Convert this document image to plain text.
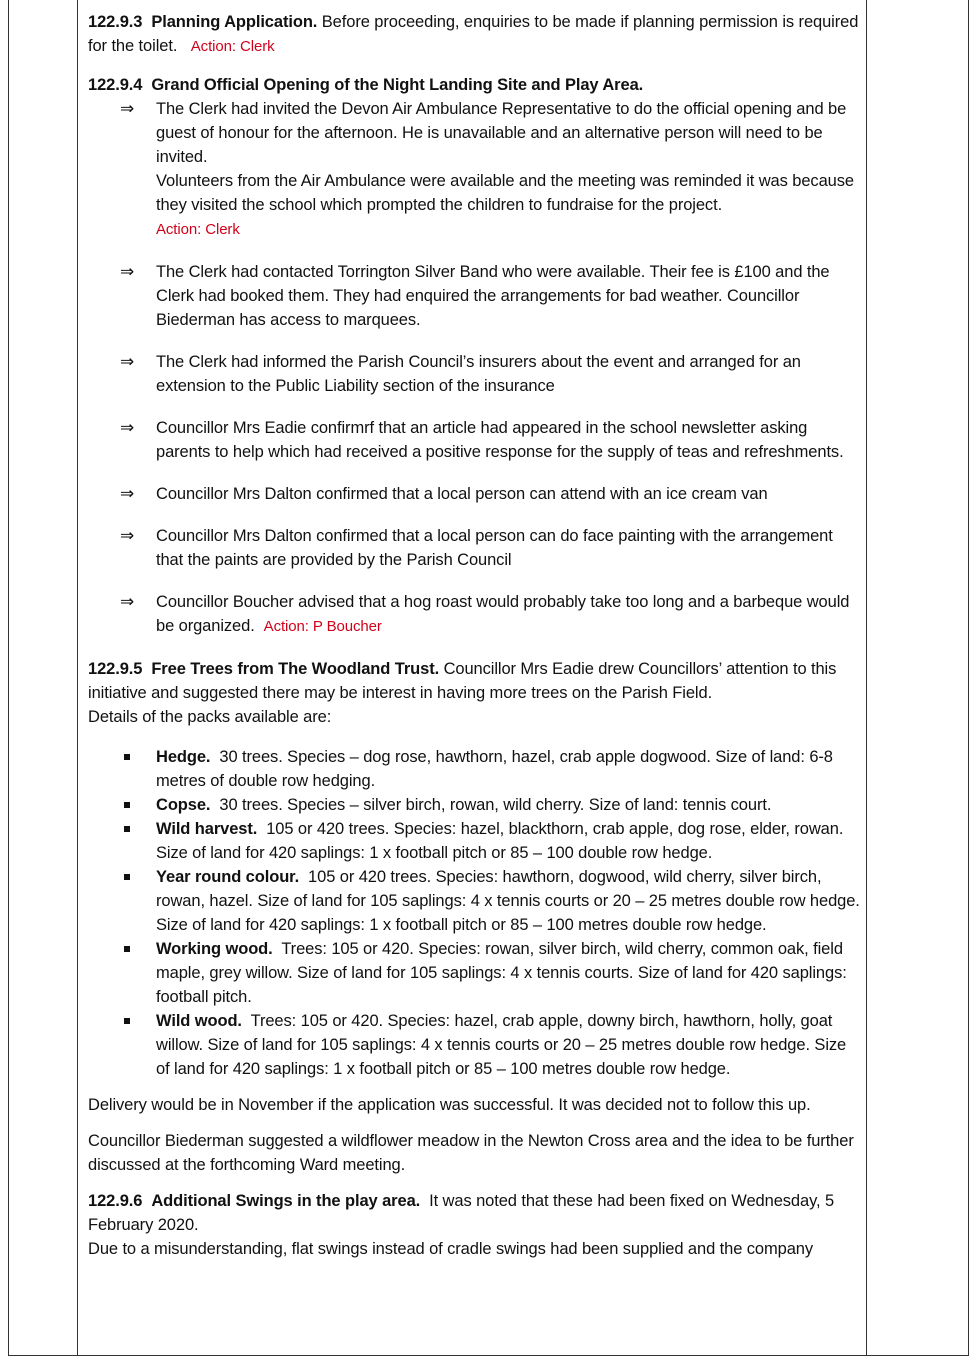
122.9.3 Planning Application. Before proceeding, enquiries to be made if planning permission is required for the toilet. Action: Clerk

122.9.4 Grand Official Opening of the Night Landing Site and Play Area.

⇒ The Clerk had invited the Devon Air Ambulance Representative to do the official opening and be guest of honour for the afternoon. He is unavailable and an alternative person will need to be invited.
Volunteers from the Air Ambulance were available and the meeting was reminded it was because they visited the school which prompted the children to fundraise for the project.
Action: Clerk
⇒ The Clerk had contacted Torrington Silver Band who were available. Their fee is £100 and the Clerk had booked them. They had enquired the arrangements for bad weather. Councillor Biederman has access to marquees.
⇒ The Clerk had informed the Parish Council’s insurers about the event and arranged for an extension to the Public Liability section of the insurance
⇒ Councillor Mrs Eadie confirmrf that an article had appeared in the school newsletter asking parents to help which had received a positive response for the supply of teas and refreshments.
⇒ Councillor Mrs Dalton confirmed that a local person can attend with an ice cream van
⇒ Councillor Mrs Dalton confirmed that a local person can do face painting with the arrangement that the paints are provided by the Parish Council
⇒ Councillor Boucher advised that a hog roast would probably take too long and a barbeque would be organized. Action: P Boucher

122.9.5 Free Trees from The Woodland Trust. Councillor Mrs Eadie drew Councillors’ attention to this initiative and suggested there may be interest in having more trees on the Parish Field.
Details of the packs available are:

Hedge. 30 trees. Species – dog rose, hawthorn, hazel, crab apple dogwood. Size of land: 6-8 metres of double row hedging.
Copse. 30 trees. Species – silver birch, rowan, wild cherry. Size of land: tennis court.
Wild harvest. 105 or 420 trees. Species: hazel, blackthorn, crab apple, dog rose, elder, rowan. Size of land for 420 saplings: 1 x football pitch or 85 – 100 double row hedge.
Year round colour. 105 or 420 trees. Species: hawthorn, dogwood, wild cherry, silver birch, rowan, hazel. Size of land for 105 saplings: 4 x tennis courts or 20 – 25 metres double row hedge. Size of land for 420 saplings: 1 x football pitch or 85 – 100 metres double row hedge.
Working wood. Trees: 105 or 420. Species: rowan, silver birch, wild cherry, common oak, field maple, grey willow. Size of land for 105 saplings: 4 x tennis courts. Size of land for 420 saplings: football pitch.
Wild wood. Trees: 105 or 420. Species: hazel, crab apple, downy birch, hawthorn, holly, goat willow. Size of land for 105 saplings: 4 x tennis courts or 20 – 25 metres double row hedge. Size of land for 420 saplings: 1 x football pitch or 85 – 100 metres double row hedge.

Delivery would be in November if the application was successful. It was decided not to follow this up.

Councillor Biederman suggested a wildflower meadow in the Newton Cross area and the idea to be further discussed at the forthcoming Ward meeting.

122.9.6 Additional Swings in the play area. It was noted that these had been fixed on Wednesday, 5 February 2020.
Due to a misunderstanding, flat swings instead of cradle swings had been supplied and the company
